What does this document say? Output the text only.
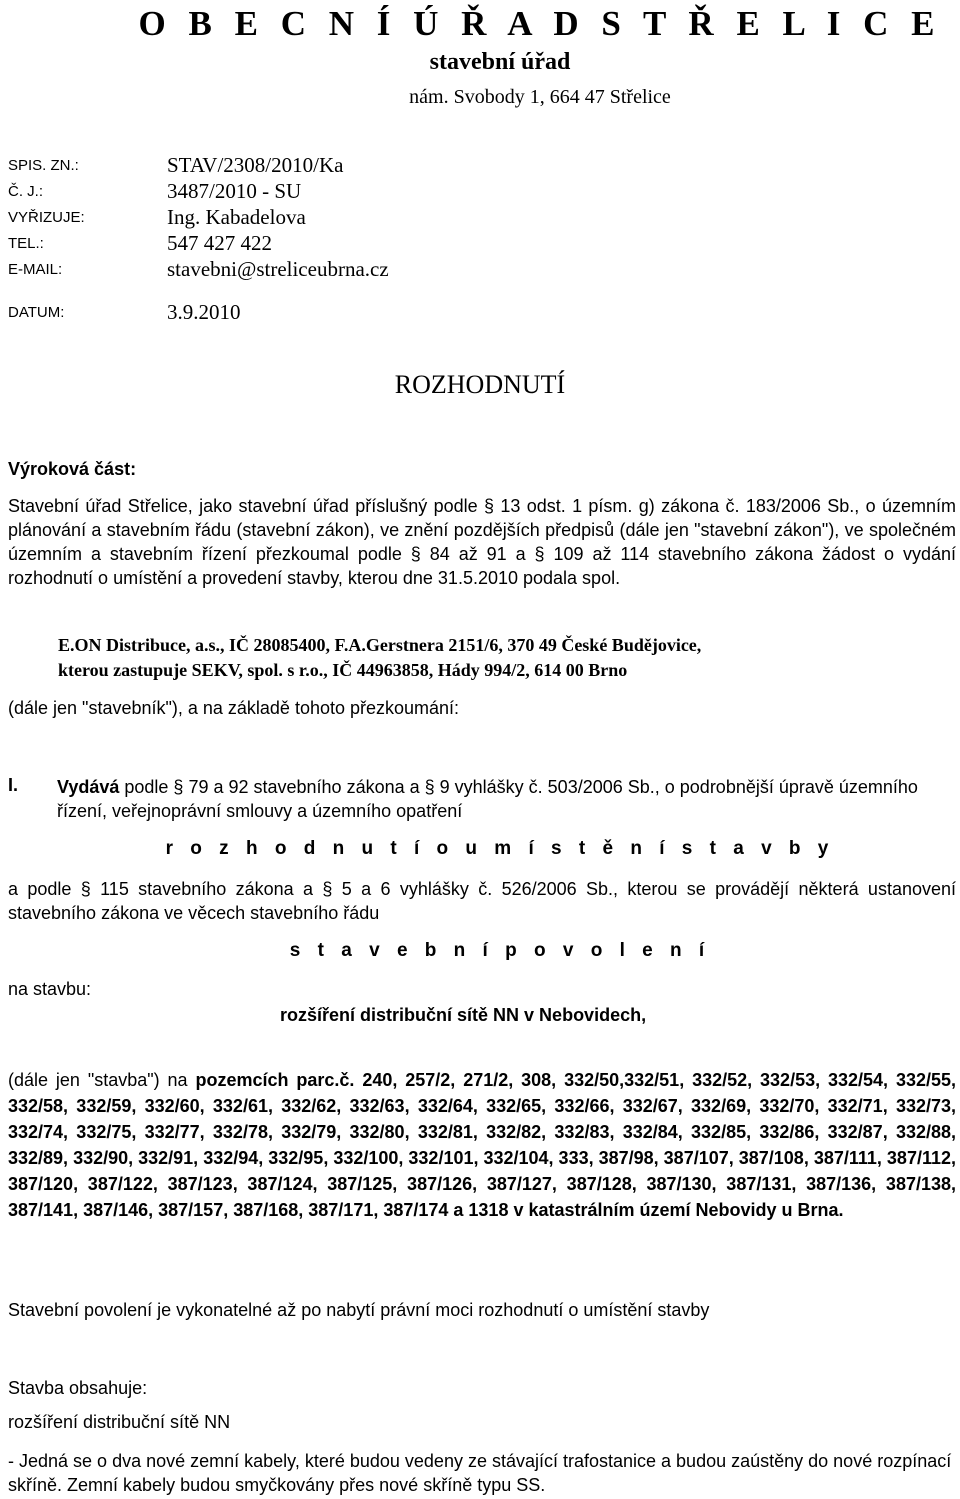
O B E C N Í Ú Ř A D S T Ř E L I C E
stavební úřad
nám. Svobody 1, 664 47 Střelice
SPIS. ZN.:	STAV/2308/2010/Ka
Č. J.:	3487/2010 - SU
VYŘIZUJE:	Ing. Kabadelova
TEL.:	547 427 422
E-MAIL:	stavebni@streliceubrna.cz
DATUM:	3.9.2010
ROZHODNUTÍ
Výroková část:
Stavební úřad Střelice, jako stavební úřad příslušný podle § 13 odst. 1 písm. g) zákona č. 183/2006 Sb., o územním plánování a stavebním řádu (stavební zákon), ve znění pozdějších předpisů (dále jen "stavební zákon"), ve společném územním a stavebním řízení přezkoumal podle § 84 až 91 a § 109 až 114 stavebního zákona žádost o vydání rozhodnutí o umístění a provedení stavby, kterou dne 31.5.2010 podala spol.
E.ON Distribuce, a.s., IČ 28085400, F.A.Gerstnera 2151/6, 370 49 České Budějovice,
kterou zastupuje SEKV, spol. s r.o., IČ 44963858, Hády 994/2, 614 00 Brno
(dále jen "stavebník"), a na základě tohoto přezkoumání:
I. Vydává podle § 79 a 92 stavebního zákona a § 9 vyhlášky č. 503/2006 Sb., o podrobnější úpravě územního řízení, veřejnoprávní smlouvy a územního opatření
r o z h o d n u t í o u m í s t ě n í s t a v b y
a podle § 115 stavebního zákona a § 5 a 6 vyhlášky č. 526/2006 Sb., kterou se provádějí některá ustanovení stavebního zákona ve věcech stavebního řádu
s t a v e b n í p o v o l e n í
na stavbu:
rozšíření distribuční sítě NN v Nebovidech,
(dále jen "stavba") na pozemcích parc.č. 240, 257/2, 271/2, 308, 332/50,332/51, 332/52, 332/53, 332/54, 332/55, 332/58, 332/59, 332/60, 332/61, 332/62, 332/63, 332/64, 332/65, 332/66, 332/67, 332/69, 332/70, 332/71, 332/73, 332/74, 332/75, 332/77, 332/78, 332/79, 332/80, 332/81, 332/82, 332/83, 332/84, 332/85, 332/86, 332/87, 332/88, 332/89, 332/90, 332/91, 332/94, 332/95, 332/100, 332/101, 332/104, 333, 387/98, 387/107, 387/108, 387/111, 387/112, 387/120, 387/122, 387/123, 387/124, 387/125, 387/126, 387/127, 387/128, 387/130, 387/131, 387/136, 387/138, 387/141, 387/146, 387/157, 387/168, 387/171, 387/174 a 1318 v katastrálním území Nebovidy u Brna.
Stavební povolení je vykonatelné až po nabytí právní moci rozhodnutí o umístění stavby
Stavba obsahuje:
rozšíření distribuční sítě NN
- Jedná se o dva nové zemní kabely, které budou vedeny ze stávající trafostanice a budou zaústěny do nové rozpínací skříně. Zemní kabely budou smyčkovány přes nové skříně typu SS.
